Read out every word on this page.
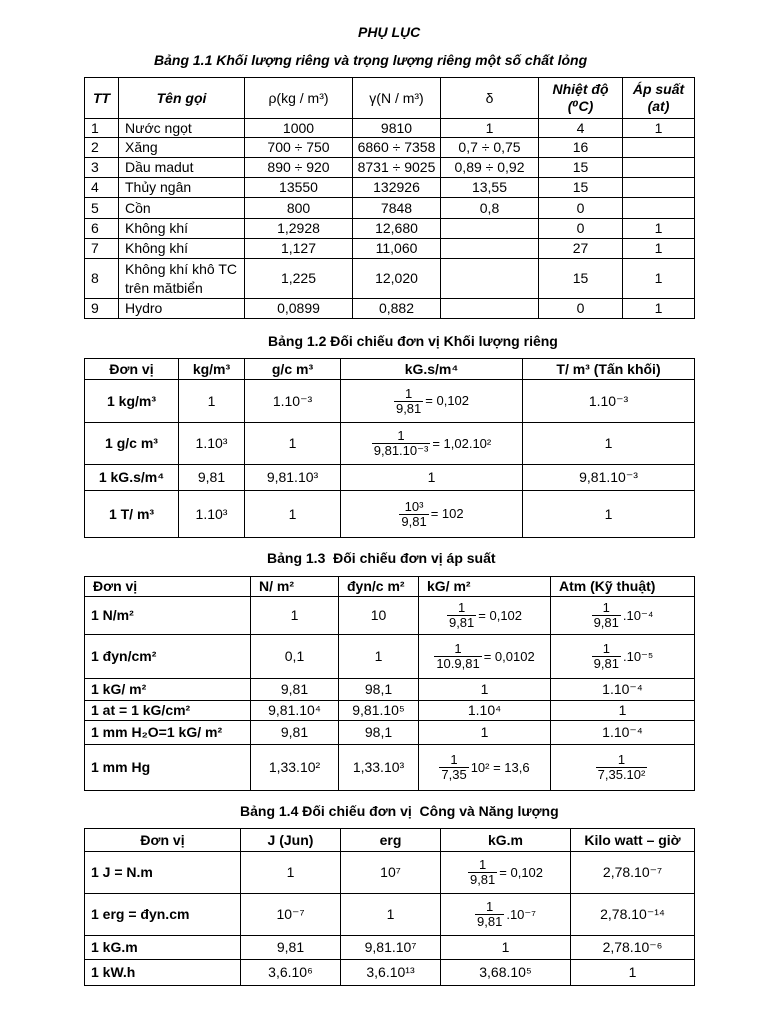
PHỤ LỤC
Bảng 1.1 Khối lượng riêng và trọng lượng riêng một số chất lỏng
TT	Tên gọi	ρ(kg / m³)	γ(N / m³)	δ	Nhiệt độ (⁰C)	Áp suất (at)
1	Nước ngọt	1000	9810	1	4	1
2	Xăng	700 ÷ 750	6860 ÷ 7358	0,7 ÷ 0,75	16	
3	Dầu madut	890 ÷ 920	8731 ÷ 9025	0,89 ÷ 0,92	15	
4	Thủy ngân	13550	132926	13,55	15	
5	Cồn	800	7848	0,8	0	
6	Không khí	1,2928	12,680		0	1
7	Không khí	1,127	11,060		27	1
8	Không khí khô TC trên mătbiển	1,225	12,020		15	1
9	Hydro	0,0899	0,882		0	1
Bảng 1.2 Đối chiếu đơn vị Khối lượng riêng
Đơn vị	kg/m³	g/c m³	kG.s/m⁴	T/ m³ (Tấn khối)
1 kg/m³	1	1.10⁻³	$\frac{1}{9,81} = 0,102$	1.10⁻³
1 g/c m³	1.10³	1	$\frac{1}{\text{9,81.10⁻³}} = 1,02.10^2$	1
1 kG.s/m⁴	9,81	9,81.10³	1	9,81.10⁻³
1 T/ m³	1.10³	1	$\frac{\text{10³}}{9,81} = 102$	1
Bảng 1.3  Đối chiếu đơn vị áp suất
Đơn vị	N/ m²	đyn/c m²	kG/ m²	Atm (Kỹ thuật)
1 N/m²	1	10	$\frac{1}{9,81} = 0,102$	$\frac{1}{9,81} .10^{-4}$

1 đyn/cm²	0,1	1	$\frac{1}{10.9,81} = 0,0102$	$\frac{1}{9,81} .10^{-5}$

1 kG/ m²	9,81	98,1	1	1.10⁻⁴
1 at = 1 kG/cm²	9,81.10⁴	9,81.10⁵	1.10⁴	1
1 mm H₂O=1 kG/ m²	9,81	98,1	1	1.10⁻⁴
1 mm Hg	1,33.10²	1,33.10³	$\frac{1}{7,35} 10^2 = 13,6$	$\frac{1}{\text{7,35.10²}}$
Bảng 1.4 Đối chiếu đơn vị  Công và Năng lượng
Đơn vị	J (Jun)	erg	kG.m	Kilo watt – giờ
1 J = N.m	1	10⁷	$\frac{1}{9,81} = 0,102$	2,78.10⁻⁷
1 erg = đyn.cm	10⁻⁷	1	$\frac{1}{9,81} .10^{-7}$	2,78.10⁻¹⁴
1 kG.m	9,81	9,81.10⁷	1	2,78.10⁻⁶
1 kW.h	3,6.10⁶	3,6.10¹³	3,68.10⁵	1
